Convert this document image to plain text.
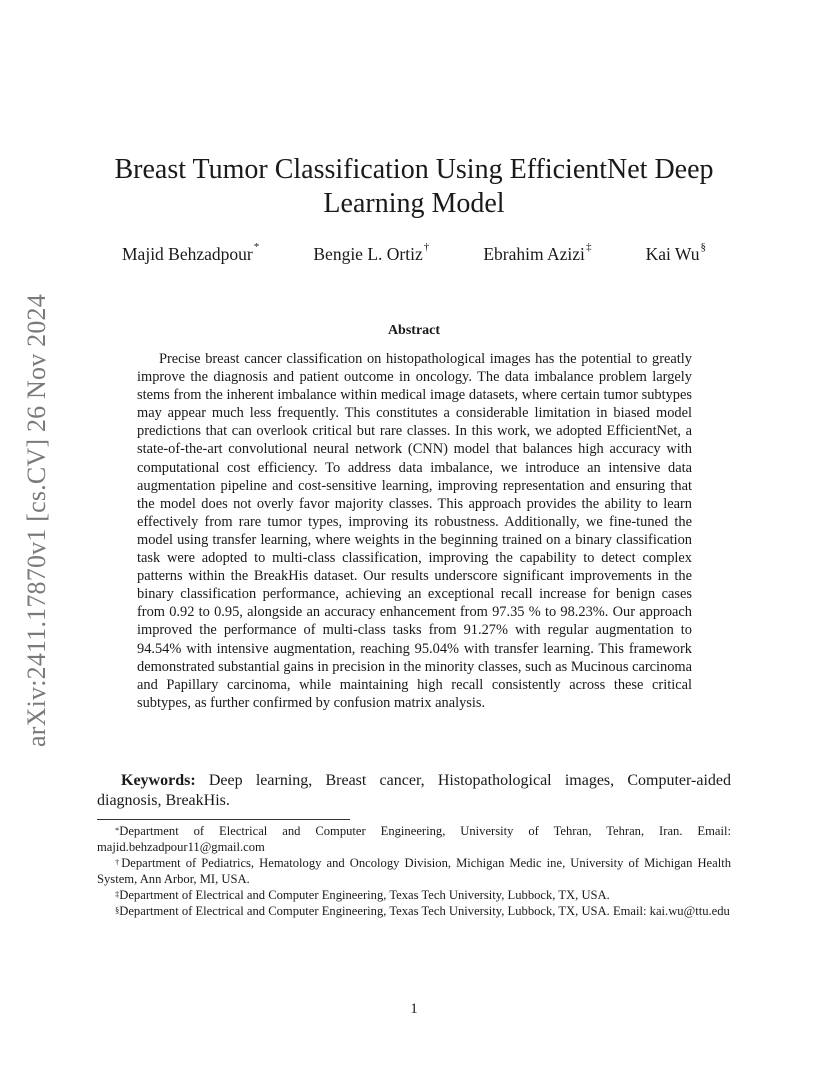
arXiv:2411.17870v1 [cs.CV] 26 Nov 2024
Breast Tumor Classification Using EfficientNet Deep Learning Model
Majid Behzadpour*	Bengie L. Ortiz†	Ebrahim Azizi‡	Kai Wu§
Abstract

Precise breast cancer classification on histopathological images has the potential to greatly improve the diagnosis and patient outcome in oncology. The data imbalance problem largely stems from the inherent imbalance within medical image datasets, where certain tumor subtypes may appear much less frequently. This constitutes a considerable limitation in biased model predictions that can overlook critical but rare classes. In this work, we adopted EfficientNet, a state-of-the-art convolutional neural network (CNN) model that balances high accuracy with computational cost efficiency. To address data imbalance, we introduce an intensive data augmentation pipeline and cost-sensitive learning, improving representation and ensuring that the model does not overly favor majority classes. This approach provides the ability to learn effectively from rare tumor types, improving its robustness. Additionally, we fine-tuned the model using transfer learning, where weights in the beginning trained on a binary classification task were adopted to multi-class classification, improving the capability to detect complex patterns within the BreakHis dataset. Our results underscore significant improvements in the binary classification performance, achieving an exceptional recall increase for benign cases from 0.92 to 0.95, alongside an accuracy enhancement from 97.35 % to 98.23%. Our approach improved the performance of multi-class tasks from 91.27% with regular augmentation to 94.54% with intensive augmentation, reaching 95.04% with transfer learning. This framework demonstrated substantial gains in precision in the minority classes, such as Mucinous carcinoma and Papillary carcinoma, while maintaining high recall consistently across these critical subtypes, as further confirmed by confusion matrix analysis.

Keywords: Deep learning, Breast cancer, Histopathological images, Computer-aided diagnosis, BreakHis.

*Department of Electrical and Computer Engineering, University of Tehran, Tehran, Iran. Email: majid.behzadpour11@gmail.com

†Department of Pediatrics, Hematology and Oncology Division, Michigan Medic ine, University of Michigan Health System, Ann Arbor, MI, USA.

‡Department of Electrical and Computer Engineering, Texas Tech University, Lubbock, TX, USA.

§Department of Electrical and Computer Engineering, Texas Tech University, Lubbock, TX, USA. Email: kai.wu@ttu.edu

1
